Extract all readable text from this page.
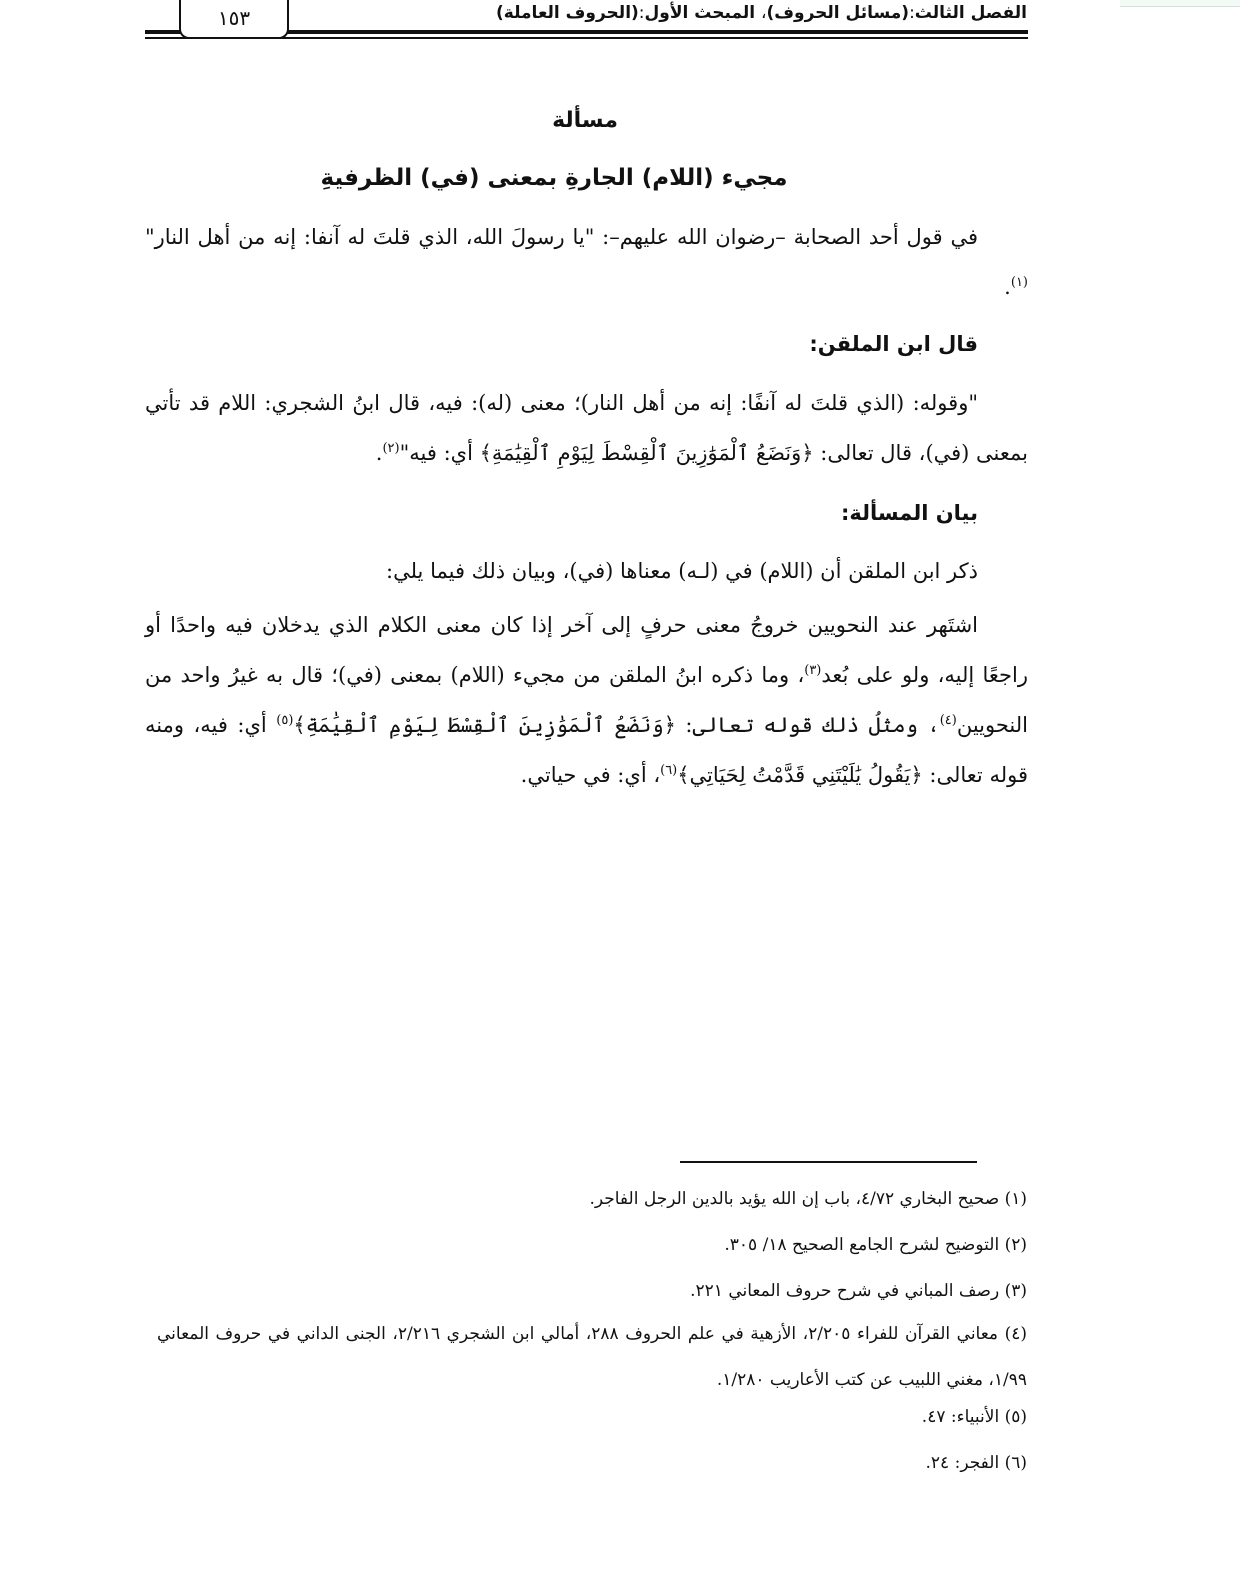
الفصل الثالث:(مسائل الحروف)، المبحث الأول:(الحروف العاملة)
١٥٣
مسألة
مجيء (اللام) الجارةِ بمعنى (في) الظرفيةِ

في قول أحد الصحابة –رضوان الله عليهم–: "يا رسولَ الله، الذي قلتَ له آنفا: إنه من أهل النار"$^{(١)}$.

قال ابن الملقن:

"وقوله: (الذي قلتَ له آنفًا: إنه من أهل النار)؛ معنى (له): فيه، قال ابنُ الشجري: اللام قد تأتي بمعنى (في)، قال تعالى: ﴿وَنَضَعُ ٱلْمَوَٰزِينَ ٱلْقِسْطَ لِيَوْمِ ٱلْقِيَٰمَةِ﴾ أي: فيه"$^{(٢)}$.

بيان المسألة:

ذكر ابن الملقن أن (اللام) في (لـه) معناها (في)، وبيان ذلك فيما يلي:

اشتَهر عند النحويين خروجُ معنى حرفٍ إلى آخر إذا كان معنى الكلام الذي يدخلان فيه واحدًا أو راجعًا إليه، ولو على بُعد$^{(٣)}$، وما ذكره ابنُ الملقن من مجيء (اللام) بمعنى (في)؛ قال به غيرُ واحد من النحويين$^{(٤)}$، ومثلُ ذلك قوله تعالى: ﴿وَنَضَعُ ٱلْمَوَٰزِينَ ٱلْقِسْطَ لِيَوْمِ ٱلْقِيَٰمَةِ﴾$^{(٥)}$ أي: فيه، ومنه قوله تعالى: ﴿يَقُولُ يَٰلَيْتَنِي قَدَّمْتُ لِحَيَاتِي﴾$^{(٦)}$، أي: في حياتي.

(١) صحيح البخاري ٤/٧٢، باب إن الله يؤيد بالدين الرجل الفاجر.
(٢) التوضيح لشرح الجامع الصحيح ١٨/ ٣٠٥.
(٣) رصف المباني في شرح حروف المعاني ٢٢١.
(٤) معاني القرآن للفراء ٢/٢٠٥، الأزهية في علم الحروف ٢٨٨، أمالي ابن الشجري ٢/٢١٦، الجنى الداني في حروف المعاني ١/٩٩، مغني اللبيب عن كتب الأعاريب ١/٢٨٠.
(٥) الأنبياء: ٤٧.
(٦) الفجر: ٢٤.
